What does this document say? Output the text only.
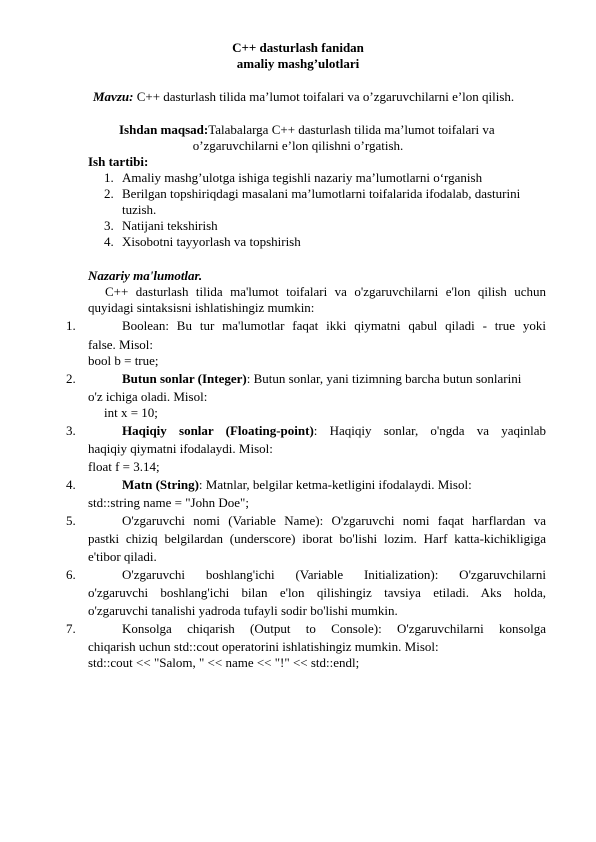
C++ dasturlash fanidan
amaliy mashg’ulotlari
Mavzu: C++ dasturlash tilida ma’lumot toifalari va o’zgaruvchilarni e’lon qilish.
Ishdan maqsad:Talabalarga C++ dasturlash tilida ma’lumot toifalari va
o’zgaruvchilarni e’lon qilishni o’rgatish.
Ish tartibi:
1. Amaliy mashg’ulotga ishiga tegishli nazariy ma’lumotlarni o‘rganish
2. Berilgan topshiriqdagi masalani ma’lumotlarni toifalarida ifodalab, dasturini
tuzish.
3. Natijani tekshirish
4. Xisobotni tayyorlash va topshirish
Nazariy ma'lumotlar.
C++ dasturlash tilida ma'lumot toifalari va o'zgaruvchilarni e'lon qilish uchun
quyidagi sintaksisni ishlatishingiz mumkin:
1.	Boolean: Bu tur ma'lumotlar faqat ikki qiymatni qabul qiladi - true yoki
false. Misol:
bool b = true;
2.	Butun sonlar (Integer): Butun sonlar, yani tizimning barcha butun sonlarini
o'z ichiga oladi. Misol:
int x = 10;
3.	Haqiqiy sonlar (Floating-point): Haqiqiy sonlar, o'ngda va yaqinlab
haqiqiy qiymatni ifodalaydi. Misol:
float f = 3.14;
4.	Matn (String): Matnlar, belgilar ketma-ketligini ifodalaydi. Misol:
std::string name = "John Doe";
5.	O'zgaruvchi nomi (Variable Name): O'zgaruvchi nomi faqat harflardan va
pastki chiziq belgilardan (underscore) iborat bo'lishi lozim. Harf katta-kichikligiga
e'tibor qiladi.
6.	O'zgaruvchi boshlang'ichi (Variable Initialization): O'zgaruvchilarni
o'zgaruvchi boshlang'ichi bilan e'lon qilishingiz tavsiya etiladi. Aks holda,
o'zgaruvchi tanalishi yadroda tufayli sodir bo'lishi mumkin.
7.	Konsolga chiqarish (Output to Console): O'zgaruvchilarni konsolga
chiqarish uchun std::cout operatorini ishlatishingiz mumkin. Misol:
std::cout << "Salom, " << name << "!" << std::endl;
